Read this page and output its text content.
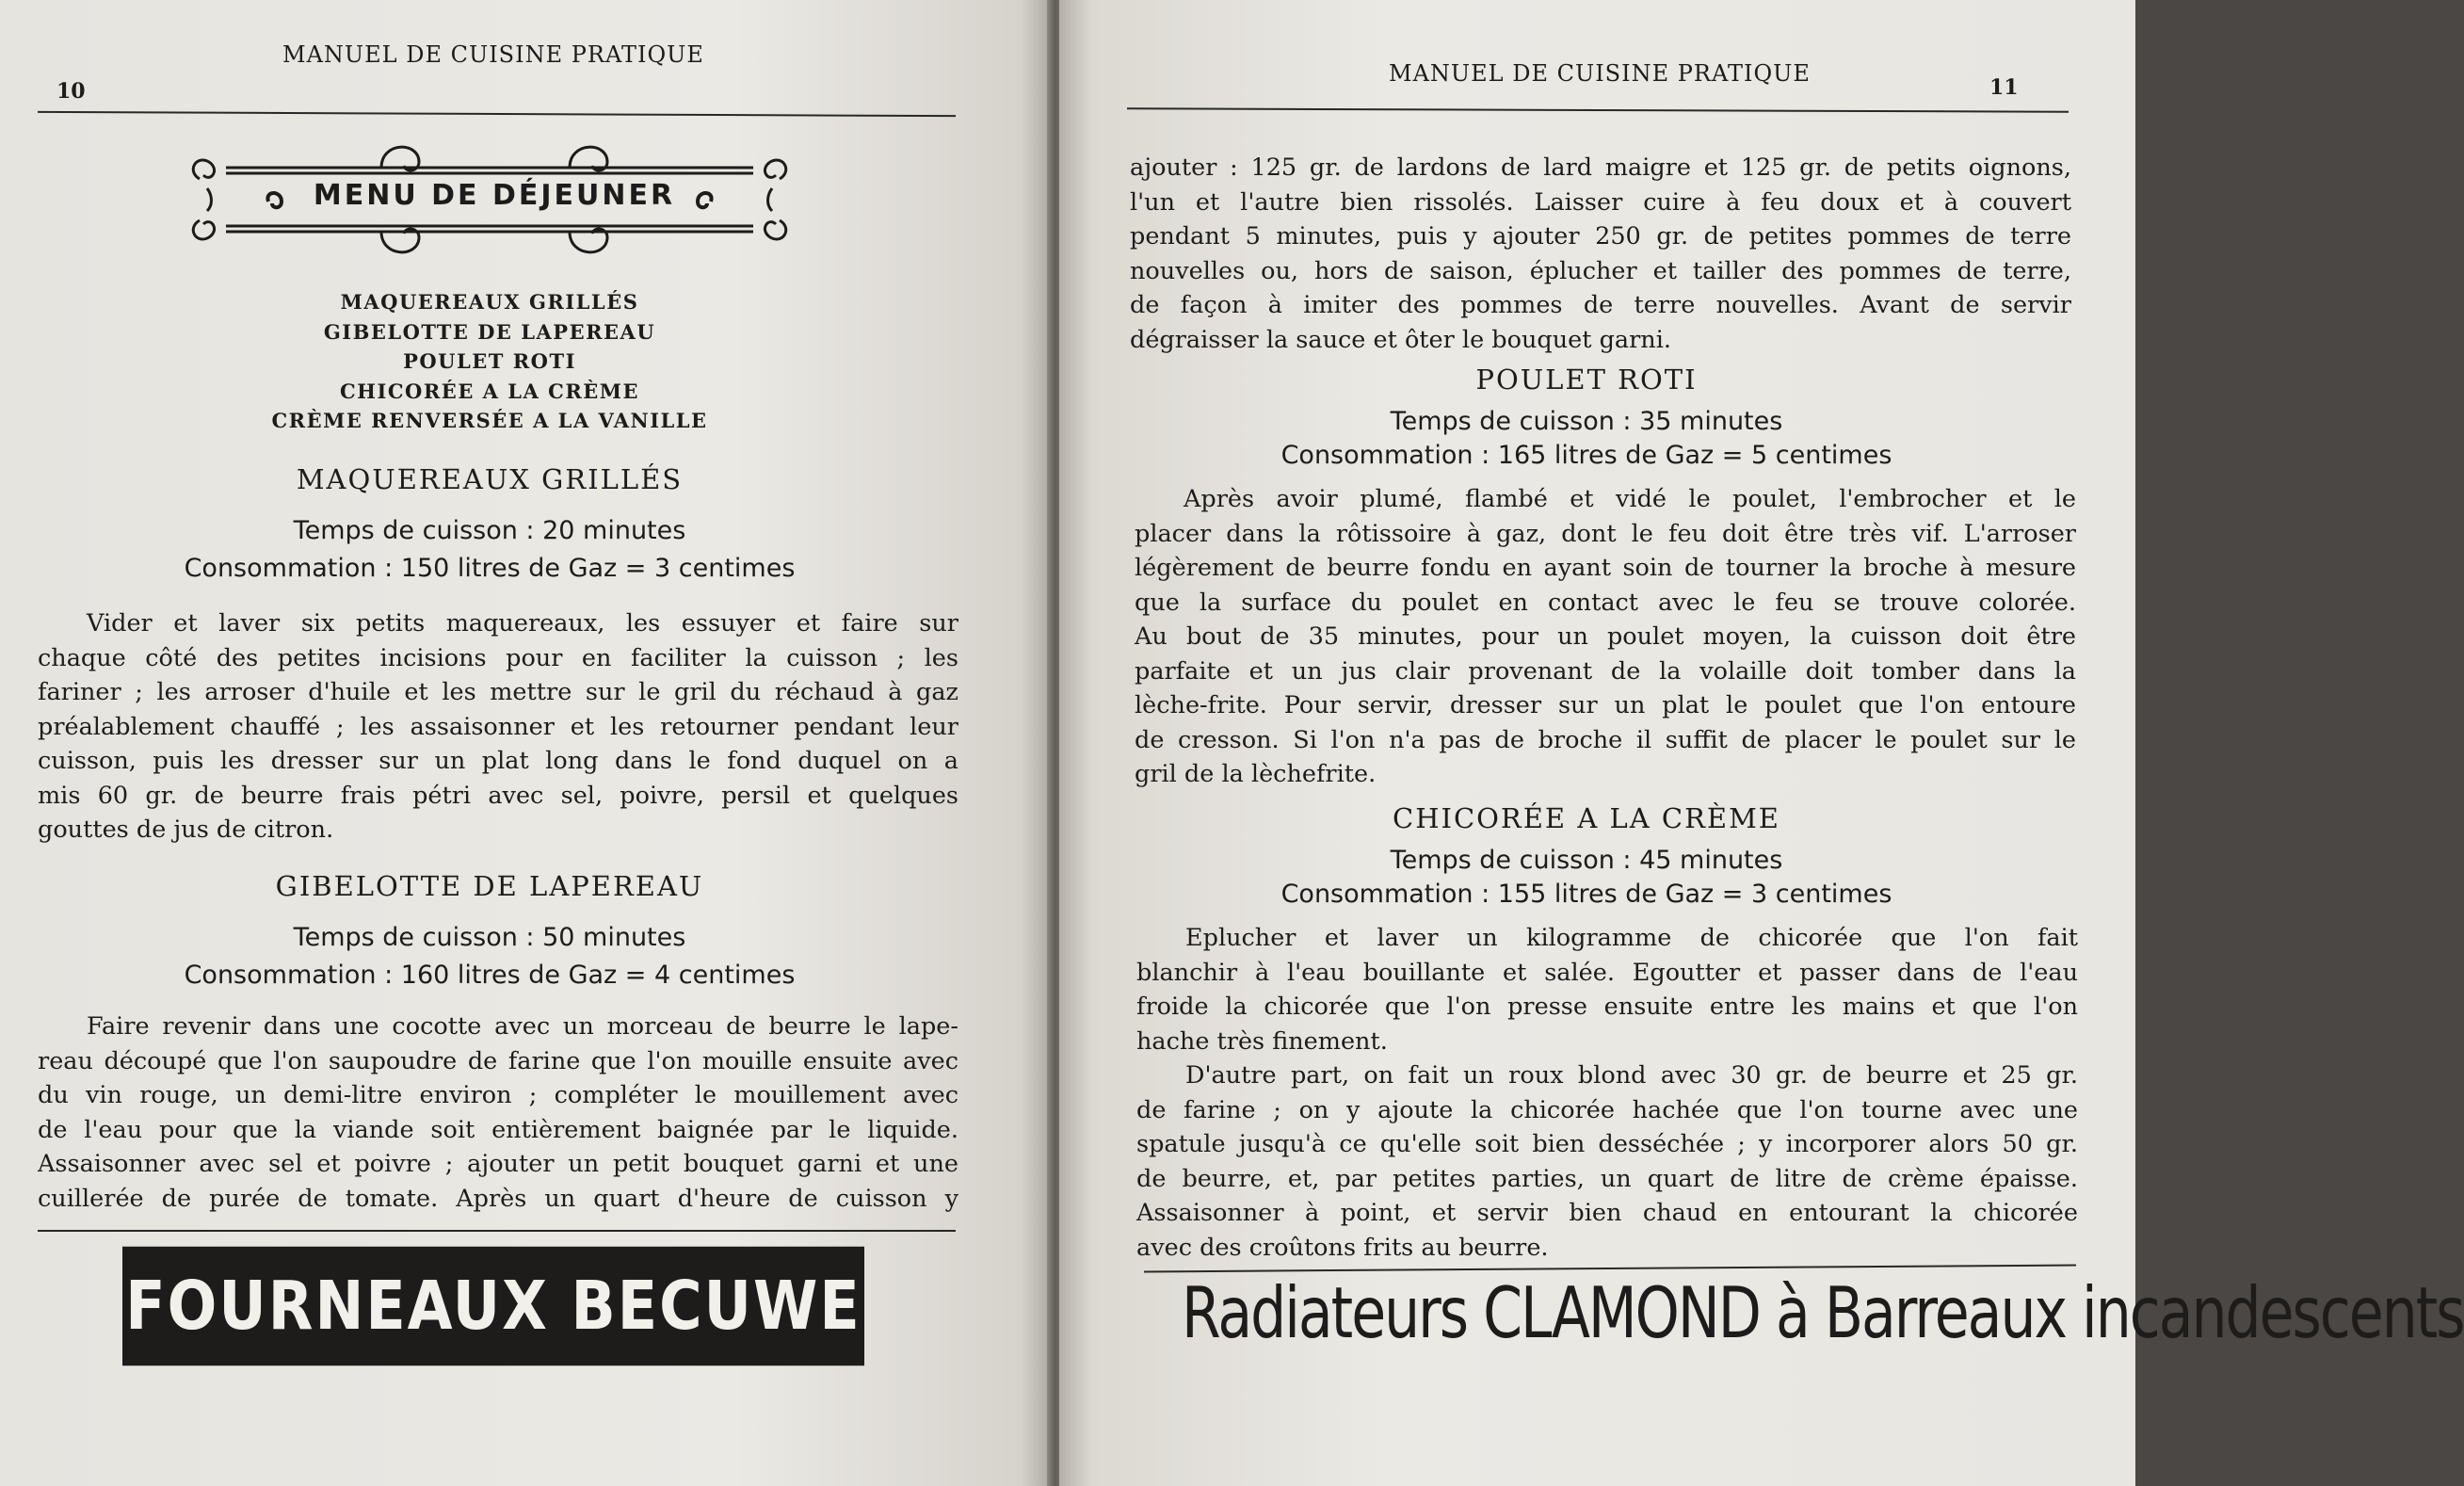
10
MANUEL DE CUISINE PRATIQUE
MENU DE DÉJEUNER
MAQUEREAUX GRILLÉS
GIBELOTTE DE LAPEREAU
POULET ROTI
CHICORÉE A LA CRÈME
CRÈME RENVERSÉE A LA VANILLE
MAQUEREAUX GRILLÉS
Temps de cuisson : 20 minutes
Consommation : 150 litres de Gaz = 3 centimes
Vider et laver six petits maquereaux, les essuyer et faire sur
chaque côté des petites incisions pour en faciliter la cuisson ; les
fariner ; les arroser d'huile et les mettre sur le gril du réchaud à gaz
préalablement chauffé ; les assaisonner et les retourner pendant leur
cuisson, puis les dresser sur un plat long dans le fond duquel on a
mis 60 gr. de beurre frais pétri avec sel, poivre, persil et quelques
gouttes de jus de citron.
GIBELOTTE DE LAPEREAU
Temps de cuisson : 50 minutes
Consommation : 160 litres de Gaz = 4 centimes
Faire revenir dans une cocotte avec un morceau de beurre le lape-
reau découpé que l'on saupoudre de farine que l'on mouille ensuite avec
du vin rouge, un demi-litre environ ; compléter le mouillement avec
de l'eau pour que la viande soit entièrement baignée par le liquide.
Assaisonner avec sel et poivre ; ajouter un petit bouquet garni et une
cuillerée de purée de tomate. Après un quart d'heure de cuisson y
FOURNEAUX BECUWE
MANUEL DE CUISINE PRATIQUE
11
ajouter : 125 gr. de lardons de lard maigre et 125 gr. de petits oignons,
l'un et l'autre bien rissolés. Laisser cuire à feu doux et à couvert
pendant 5 minutes, puis y ajouter 250 gr. de petites pommes de terre
nouvelles ou, hors de saison, éplucher et tailler des pommes de terre,
de façon à imiter des pommes de terre nouvelles. Avant de servir
dégraisser la sauce et ôter le bouquet garni.
POULET ROTI
Temps de cuisson : 35 minutes
Consommation : 165 litres de Gaz = 5 centimes
Après avoir plumé, flambé et vidé le poulet, l'embrocher et le
placer dans la rôtissoire à gaz, dont le feu doit être très vif. L'arroser
légèrement de beurre fondu en ayant soin de tourner la broche à mesure
que la surface du poulet en contact avec le feu se trouve colorée.
Au bout de 35 minutes, pour un poulet moyen, la cuisson doit être
parfaite et un jus clair provenant de la volaille doit tomber dans la
lèche-frite. Pour servir, dresser sur un plat le poulet que l'on entoure
de cresson. Si l'on n'a pas de broche il suffit de placer le poulet sur le
gril de la lèchefrite.
CHICORÉE A LA CRÈME
Temps de cuisson : 45 minutes
Consommation : 155 litres de Gaz = 3 centimes
Eplucher et laver un kilogramme de chicorée que l'on fait
blanchir à l'eau bouillante et salée. Egoutter et passer dans de l'eau
froide la chicorée que l'on presse ensuite entre les mains et que l'on
hache très finement.
D'autre part, on fait un roux blond avec 30 gr. de beurre et 25 gr.
de farine ; on y ajoute la chicorée hachée que l'on tourne avec une
spatule jusqu'à ce qu'elle soit bien desséchée ; y incorporer alors 50 gr.
de beurre, et, par petites parties, un quart de litre de crème épaisse.
Assaisonner à point, et servir bien chaud en entourant la chicorée
avec des croûtons frits au beurre.
Radiateurs CLAMOND à Barreaux incandescents
